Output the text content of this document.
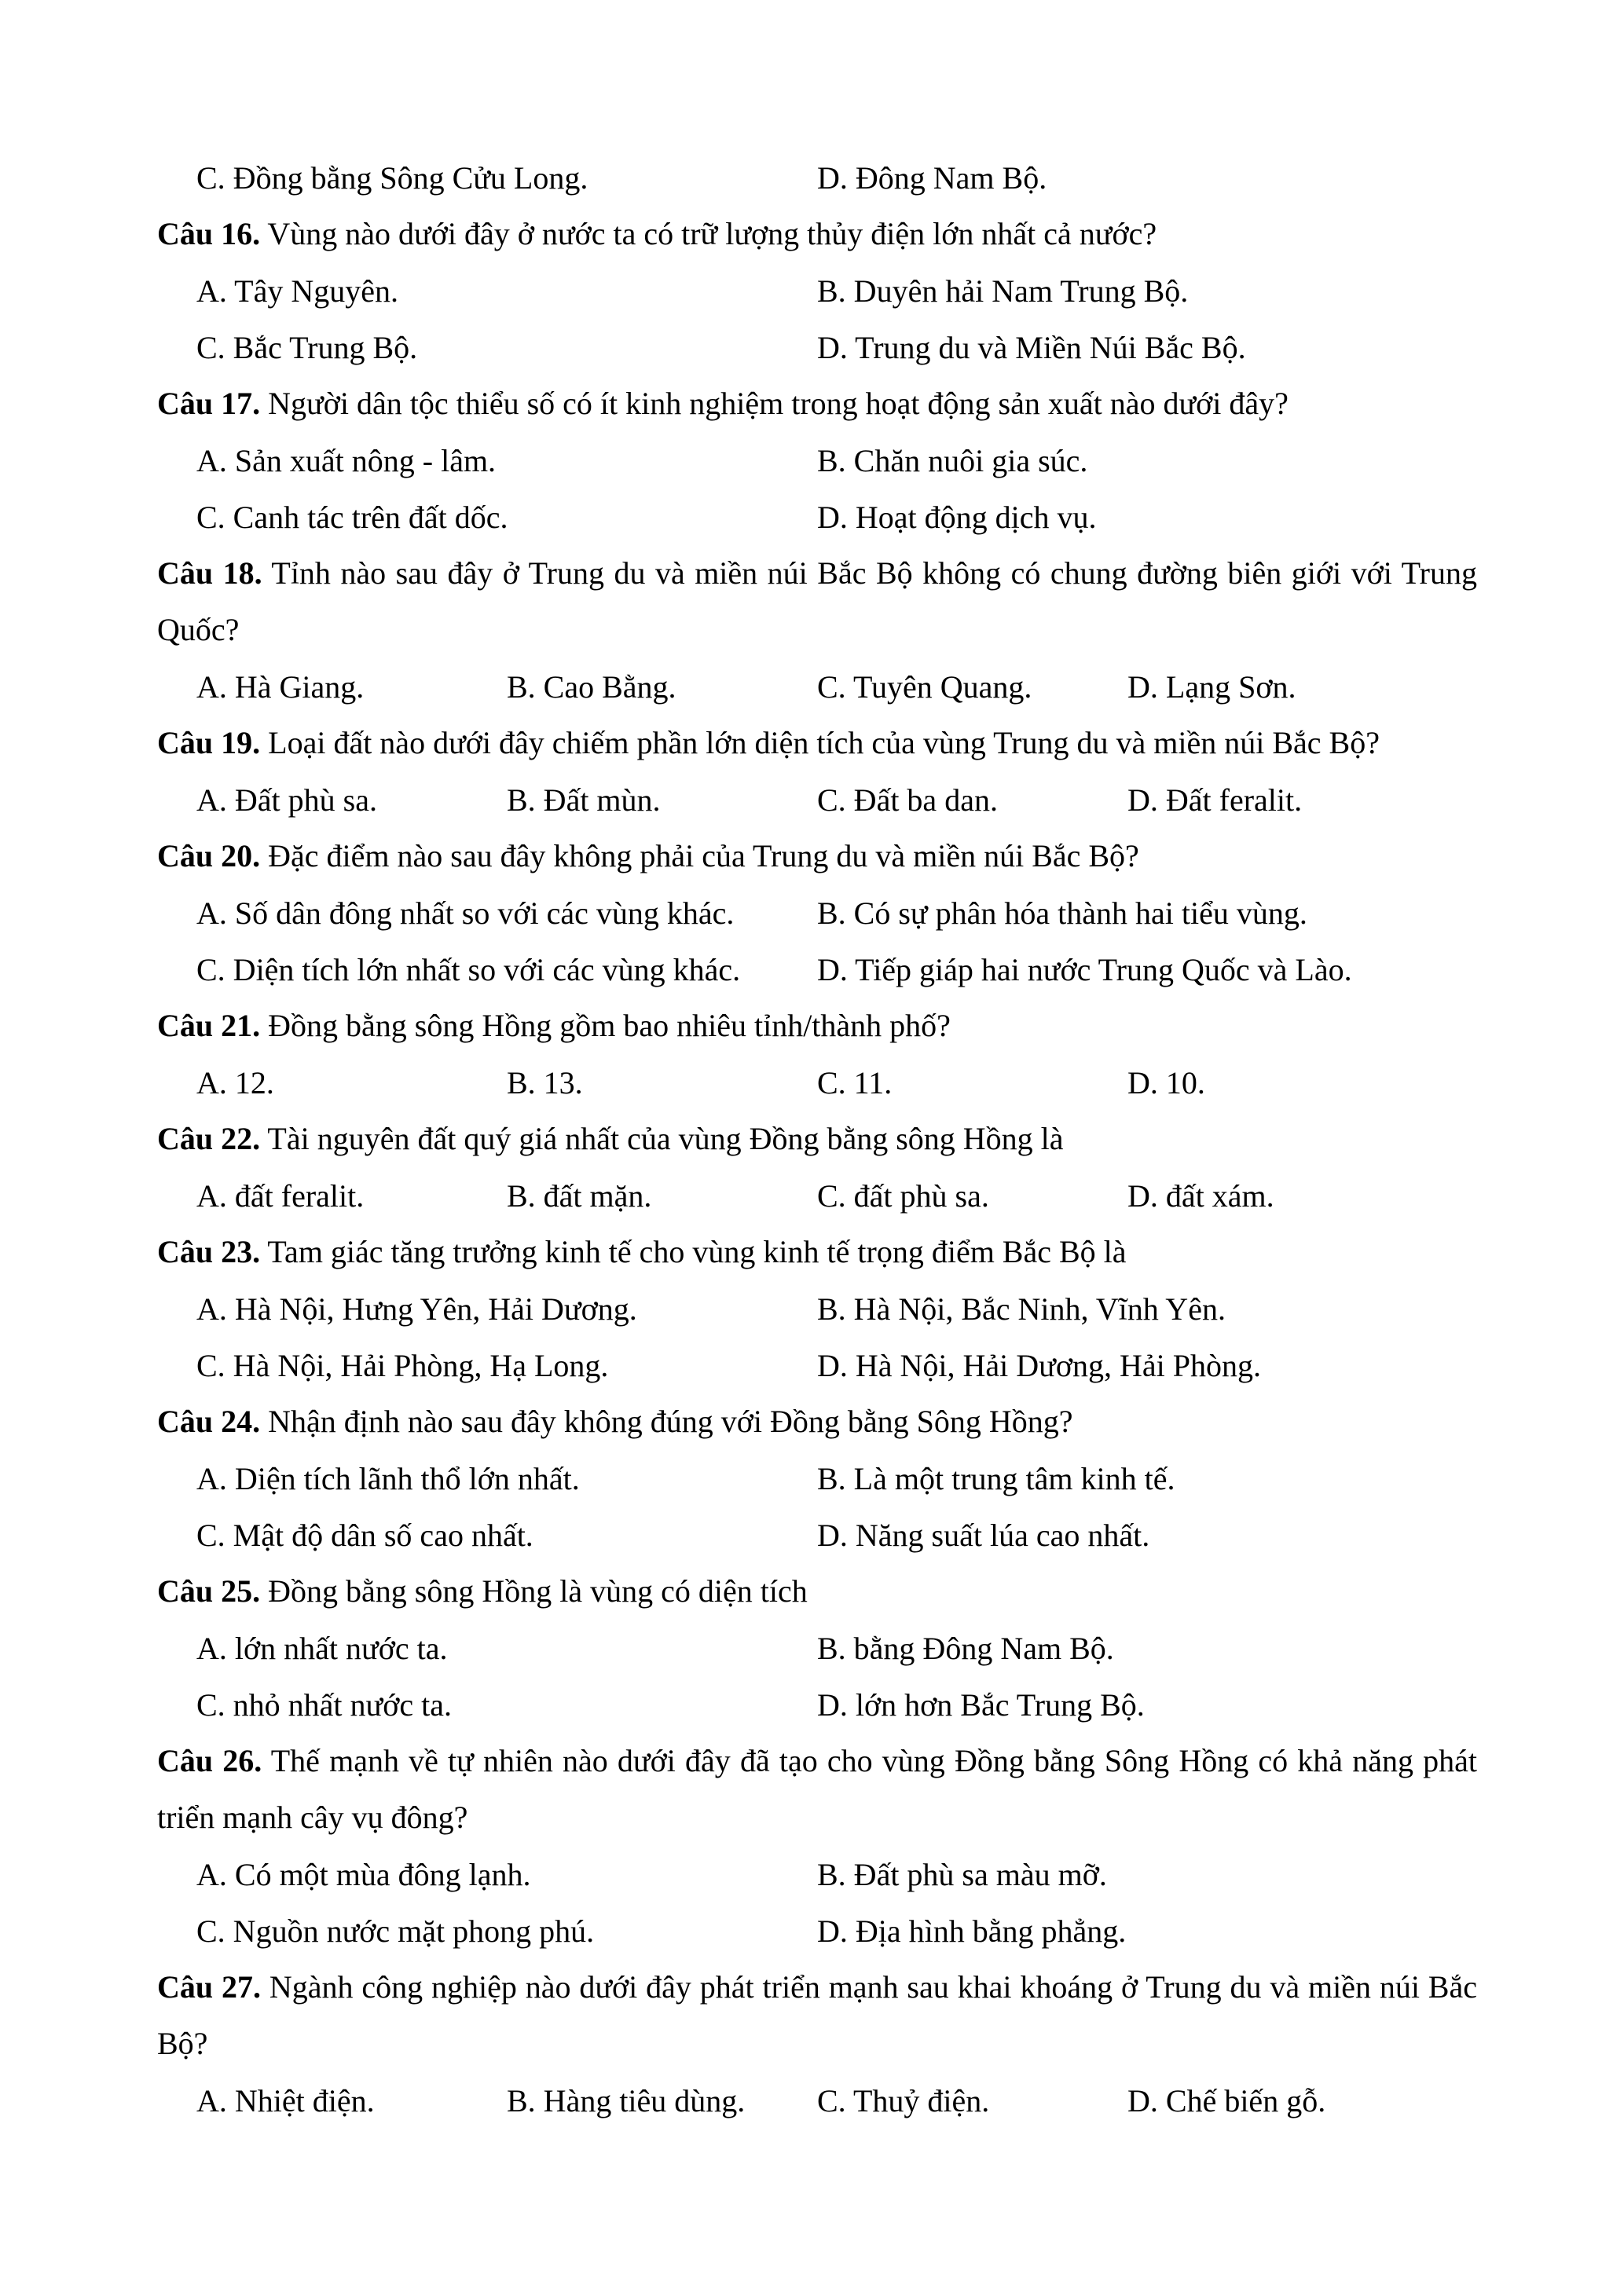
C. Đồng bằng Sông Cửu Long.	D. Đông Nam Bộ.

Câu 16. Vùng nào dưới đây ở nước ta có trữ lượng thủy điện lớn nhất cả nước?

A. Tây Nguyên.	B. Duyên hải Nam Trung Bộ.
C. Bắc Trung Bộ.	D. Trung du và Miền Núi Bắc Bộ.

Câu 17. Người dân tộc thiểu số có ít kinh nghiệm trong hoạt động sản xuất nào dưới đây?

A. Sản xuất nông - lâm.	B. Chăn nuôi gia súc.
C. Canh tác trên đất dốc.	D. Hoạt động dịch vụ.

Câu 18. Tỉnh nào sau đây ở Trung du và miền núi Bắc Bộ không có chung đường biên giới với Trung Quốc?

A. Hà Giang.	B. Cao Bằng.	C. Tuyên Quang.	D. Lạng Sơn.

Câu 19. Loại đất nào dưới đây chiếm phần lớn diện tích của vùng Trung du và miền núi Bắc Bộ?

A. Đất phù sa.	B. Đất mùn.	C. Đất ba dan.	D. Đất feralit.

Câu 20. Đặc điểm nào sau đây không phải của Trung du và miền núi Bắc Bộ?

A. Số dân đông nhất so với các vùng khác.	B. Có sự phân hóa thành hai tiểu vùng.
C. Diện tích lớn nhất so với các vùng khác.	D. Tiếp giáp hai nước Trung Quốc và Lào.

Câu 21. Đồng bằng sông Hồng gồm bao nhiêu tỉnh/thành phố?

A. 12.	B. 13.	C. 11.	D. 10.

Câu 22. Tài nguyên đất quý giá nhất của vùng Đồng bằng sông Hồng là

A. đất feralit.	B. đất mặn.	C. đất phù sa.	D. đất xám.

Câu 23. Tam giác tăng trưởng kinh tế cho vùng kinh tế trọng điểm Bắc Bộ là

A. Hà Nội, Hưng Yên, Hải Dương.	B. Hà Nội, Bắc Ninh, Vĩnh Yên.
C. Hà Nội, Hải Phòng, Hạ Long.	D. Hà Nội, Hải Dương, Hải Phòng.

Câu 24. Nhận định nào sau đây không đúng với Đồng bằng Sông Hồng?

A. Diện tích lãnh thổ lớn nhất.	B. Là một trung tâm kinh tế.
C. Mật độ dân số cao nhất.	D. Năng suất lúa cao nhất.

Câu 25. Đồng bằng sông Hồng là vùng có diện tích

A. lớn nhất nước ta.	B. bằng Đông Nam Bộ.
C. nhỏ nhất nước ta.	D. lớn hơn Bắc Trung Bộ.

Câu 26. Thế mạnh về tự nhiên nào dưới đây đã tạo cho vùng Đồng bằng Sông Hồng có khả năng phát triển mạnh cây vụ đông?

A. Có một mùa đông lạnh.	B. Đất phù sa màu mỡ.
C. Nguồn nước mặt phong phú.	D. Địa hình bằng phẳng.

Câu 27. Ngành công nghiệp nào dưới đây phát triển mạnh sau khai khoáng ở Trung du và miền núi Bắc Bộ?

A. Nhiệt điện.	B. Hàng tiêu dùng.	C. Thuỷ điện.	D. Chế biến gỗ.
